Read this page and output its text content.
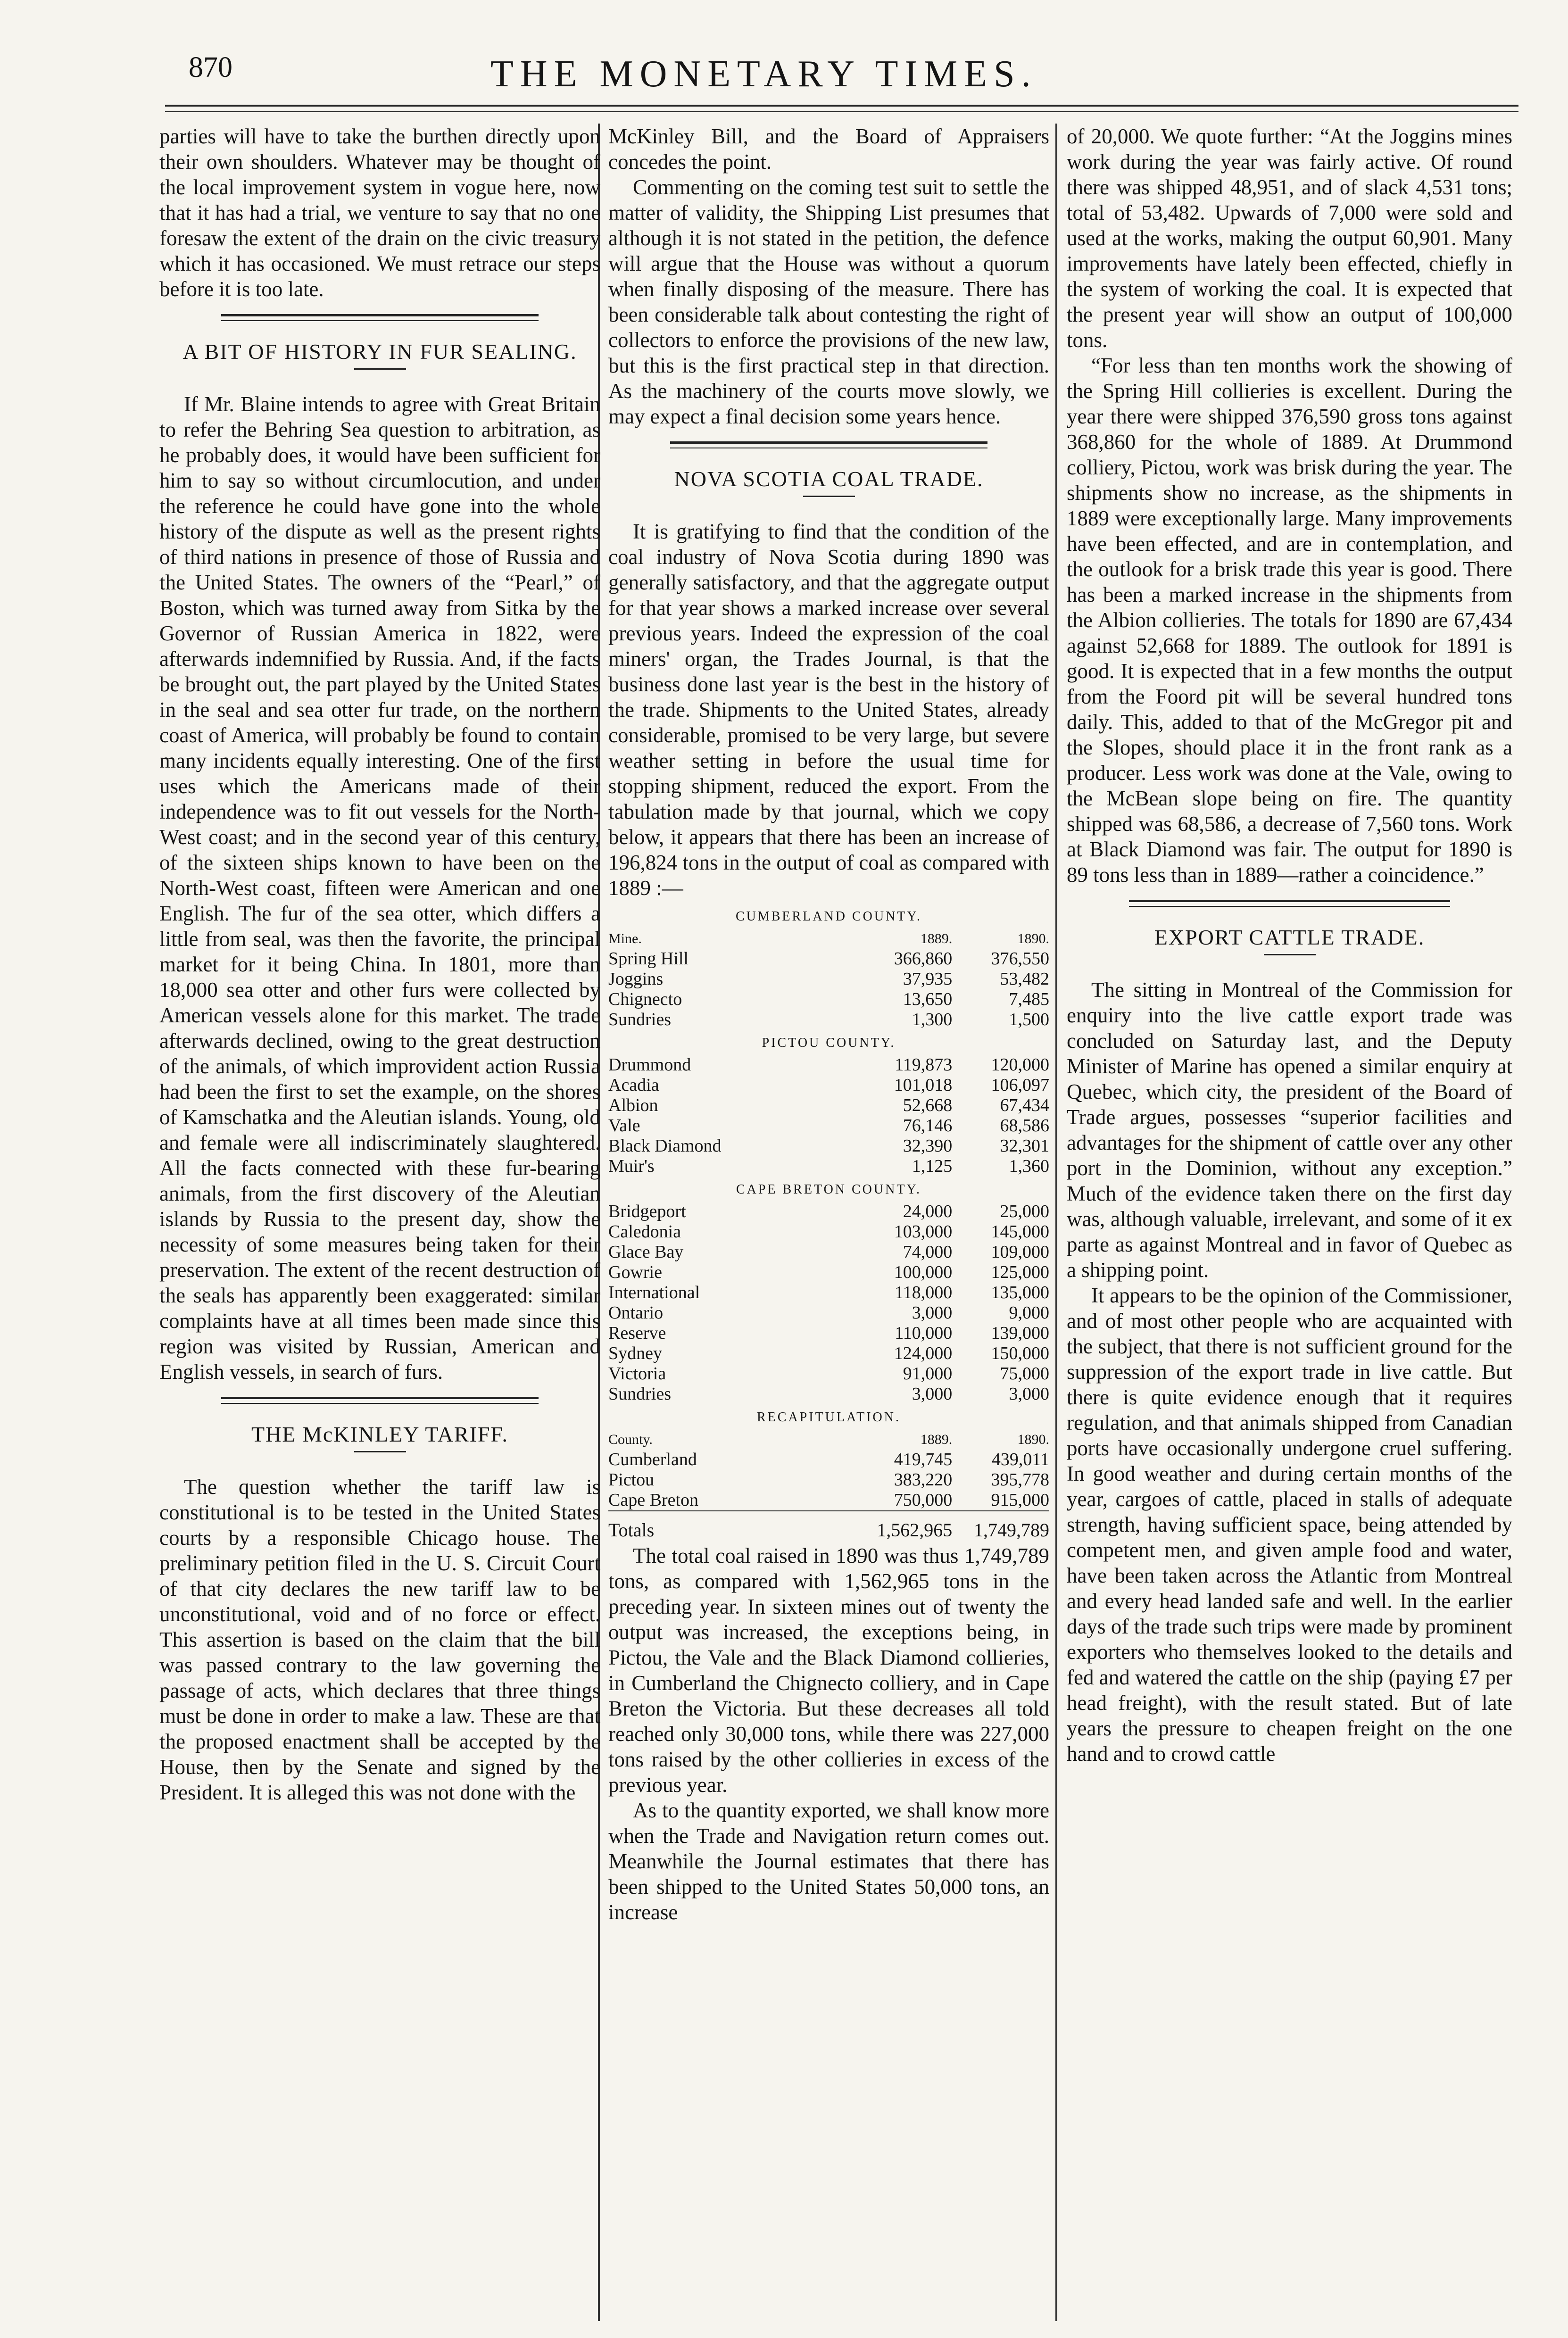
870	THE MONETARY TIMES.

parties will have to take the burthen directly upon their own shoulders. Whatever may be thought of the local improvement system in vogue here, now that it has had a trial, we venture to say that no one foresaw the extent of the drain on the civic treasury which it has occasioned. We must retrace our steps before it is too late.

A BIT OF HISTORY IN FUR SEALING.

If Mr. Blaine intends to agree with Great Britain to refer the Behring Sea question to arbitration, as he probably does, it would have been sufficient for him to say so without circumlocution, and under the reference he could have gone into the whole history of the dispute as well as the present rights of third nations in presence of those of Russia and the United States. The owners of the “Pearl,” of Boston, which was turned away from Sitka by the Governor of Russian America in 1822, were afterwards indemnified by Russia. And, if the facts be brought out, the part played by the United States in the seal and sea otter fur trade, on the northern coast of America, will probably be found to contain many incidents equally interesting. One of the first uses which the Americans made of their independence was to fit out vessels for the North-West coast; and in the second year of this century, of the sixteen ships known to have been on the North-West coast, fifteen were American and one English. The fur of the sea otter, which differs a little from seal, was then the favorite, the principal market for it being China. In 1801, more than 18,000 sea otter and other furs were collected by American vessels alone for this market. The trade afterwards declined, owing to the great destruction of the animals, of which improvident action Russia had been the first to set the example, on the shores of Kamschatka and the Aleutian islands. Young, old and female were all indiscriminately slaughtered. All the facts connected with these fur-bearing animals, from the first discovery of the Aleutian islands by Russia to the present day, show the necessity of some measures being taken for their preservation. The extent of the recent destruction of the seals has apparently been exaggerated: similar complaints have at all times been made since this region was visited by Russian, American and English vessels, in search of furs.

THE McKINLEY TARIFF.

The question whether the tariff law is constitutional is to be tested in the United States courts by a responsible Chicago house. The preliminary petition filed in the U. S. Circuit Court of that city declares the new tariff law to be unconstitutional, void and of no force or effect. This assertion is based on the claim that the bill was passed contrary to the law governing the passage of acts, which declares that three things must be done in order to make a law. These are that the proposed enactment shall be accepted by the House, then by the Senate and signed by the President. It is alleged this was not done with the

McKinley Bill, and the Board of Appraisers concedes the point.

Commenting on the coming test suit to settle the matter of validity, the Shipping List presumes that although it is not stated in the petition, the defence will argue that the House was without a quorum when finally disposing of the measure. There has been considerable talk about contesting the right of collectors to enforce the provisions of the new law, but this is the first practical step in that direction. As the machinery of the courts move slowly, we may expect a final decision some years hence.

NOVA SCOTIA COAL TRADE.

It is gratifying to find that the condition of the coal industry of Nova Scotia during 1890 was generally satisfactory, and that the aggregate output for that year shows a marked increase over several previous years. Indeed the expression of the coal miners' organ, the Trades Journal, is that the business done last year is the best in the history of the trade. Shipments to the United States, already considerable, promised to be very large, but severe weather setting in before the usual time for stopping shipment, reduced the export. From the tabulation made by that journal, which we copy below, it appears that there has been an increase of 196,824 tons in the output of coal as compared with 1889 :—

CUMBERLAND COUNTY.		
Mine.	1889.	1890.
Spring Hill	366,860	376,550
Joggins	37,935	53,482
Chignecto	13,650	7,485
Sundries	1,300	1,500
PICTOU COUNTY.		
Drummond	119,873	120,000
Acadia	101,018	106,097
Albion	52,668	67,434
Vale	76,146	68,586
Black Diamond	32,390	32,301
Muir's	1,125	1,360
CAPE BRETON COUNTY.		
Bridgeport	24,000	25,000
Caledonia	103,000	145,000
Glace Bay	74,000	109,000
Gowrie	100,000	125,000
International	118,000	135,000
Ontario	3,000	9,000
Reserve	110,000	139,000
Sydney	124,000	150,000
Victoria	91,000	75,000
Sundries	3,000	3,000
RECAPITULATION.		
County.	1889.	1890.
Cumberland	419,745	439,011
Pictou	383,220	395,778
Cape Breton	750,000	915,000
Totals	1,562,965	1,749,789

The total coal raised in 1890 was thus 1,749,789 tons, as compared with 1,562,965 tons in the preceding year. In sixteen mines out of twenty the output was increased, the exceptions being, in Pictou, the Vale and the Black Diamond collieries, in Cumberland the Chignecto colliery, and in Cape Breton the Victoria. But these decreases all told reached only 30,000 tons, while there was 227,000 tons raised by the other collieries in excess of the previous year.

As to the quantity exported, we shall know more when the Trade and Navigation return comes out. Meanwhile the Journal estimates that there has been shipped to the United States 50,000 tons, an increase

of 20,000. We quote further: “At the Joggins mines work during the year was fairly active. Of round there was shipped 48,951, and of slack 4,531 tons; total of 53,482. Upwards of 7,000 were sold and used at the works, making the output 60,901. Many improvements have lately been effected, chiefly in the system of working the coal. It is expected that the present year will show an output of 100,000 tons.

“For less than ten months work the showing of the Spring Hill collieries is excellent. During the year there were shipped 376,590 gross tons against 368,860 for the whole of 1889. At Drummond colliery, Pictou, work was brisk during the year. The shipments show no increase, as the shipments in 1889 were exceptionally large. Many improvements have been effected, and are in contemplation, and the outlook for a brisk trade this year is good. There has been a marked increase in the shipments from the Albion collieries. The totals for 1890 are 67,434 against 52,668 for 1889. The outlook for 1891 is good. It is expected that in a few months the output from the Foord pit will be several hundred tons daily. This, added to that of the McGregor pit and the Slopes, should place it in the front rank as a producer. Less work was done at the Vale, owing to the McBean slope being on fire. The quantity shipped was 68,586, a decrease of 7,560 tons. Work at Black Diamond was fair. The output for 1890 is 89 tons less than in 1889—rather a coincidence.”

EXPORT CATTLE TRADE.

The sitting in Montreal of the Commission for enquiry into the live cattle export trade was concluded on Saturday last, and the Deputy Minister of Marine has opened a similar enquiry at Quebec, which city, the president of the Board of Trade argues, possesses “superior facilities and advantages for the shipment of cattle over any other port in the Dominion, without any exception.” Much of the evidence taken there on the first day was, although valuable, irrelevant, and some of it ex parte as against Montreal and in favor of Quebec as a shipping point.

It appears to be the opinion of the Commissioner, and of most other people who are acquainted with the subject, that there is not sufficient ground for the suppression of the export trade in live cattle. But there is quite evidence enough that it requires regulation, and that animals shipped from Canadian ports have occasionally undergone cruel suffering. In good weather and during certain months of the year, cargoes of cattle, placed in stalls of adequate strength, having sufficient space, being attended by competent men, and given ample food and water, have been taken across the Atlantic from Montreal and every head landed safe and well. In the earlier days of the trade such trips were made by prominent exporters who themselves looked to the details and fed and watered the cattle on the ship (paying £7 per head freight), with the result stated. But of late years the pressure to cheapen freight on the one hand and to crowd cattle
